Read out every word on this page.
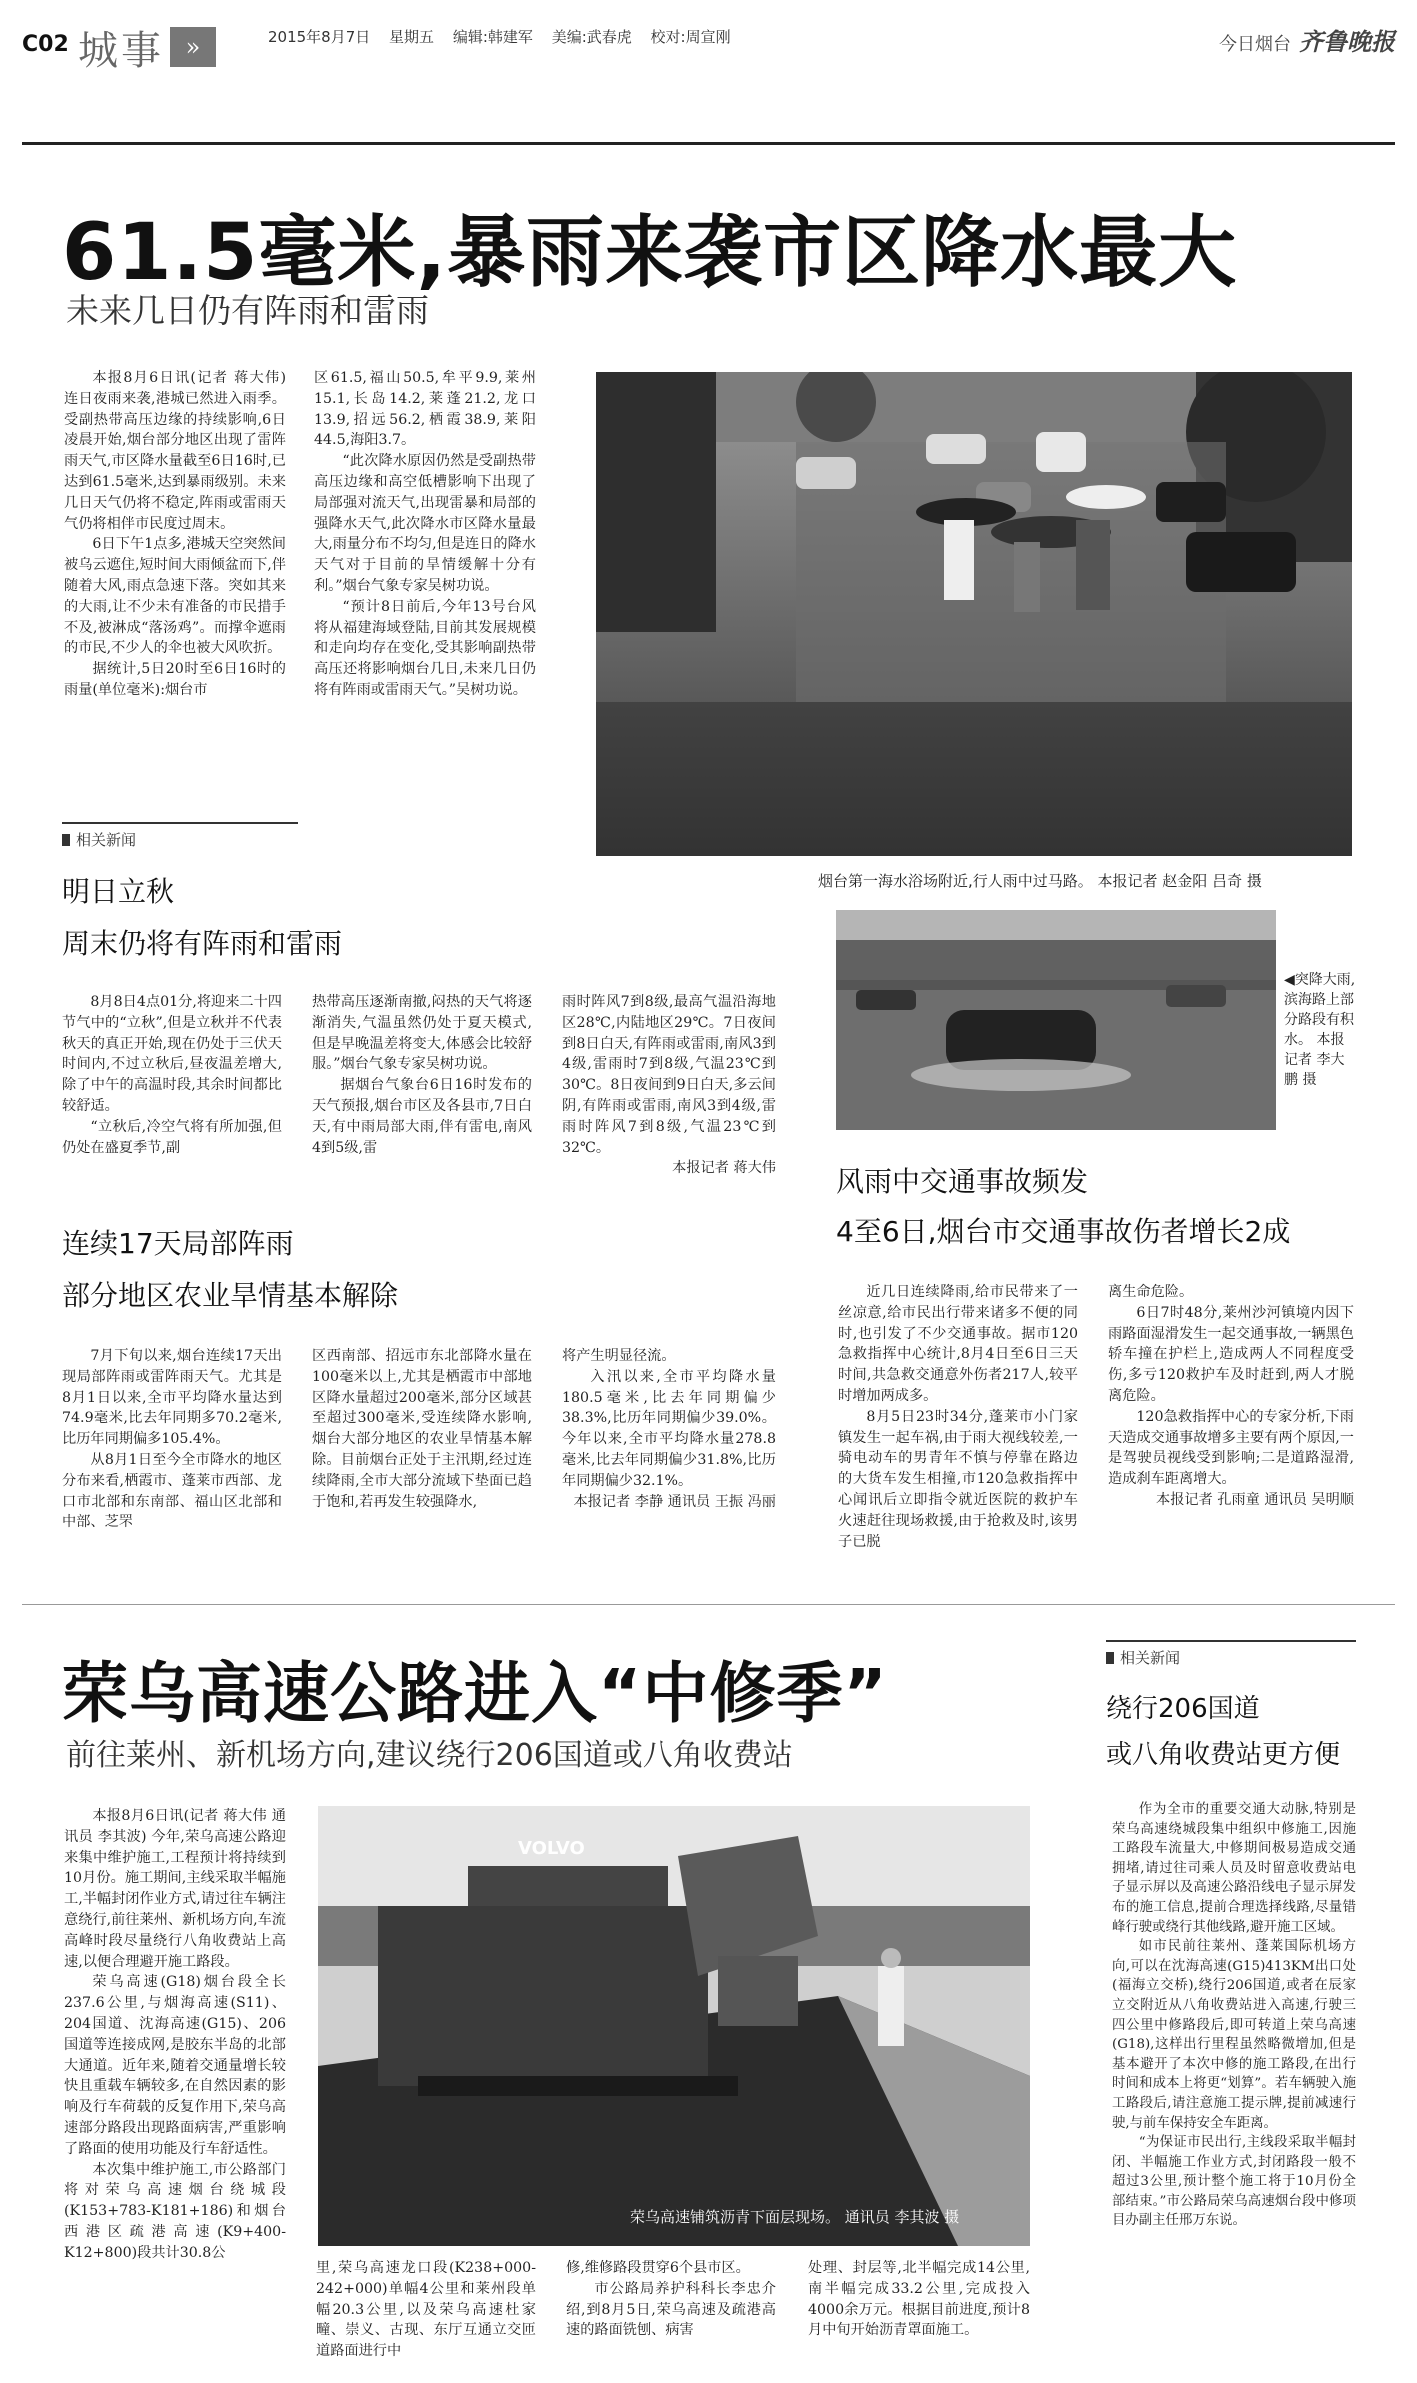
C02 城事 »	2015年8月7日 星期五 编辑:韩建军 美编:武春虎 校对:周宣刚	今日烟台 齐鲁晚报
61.5毫米,暴雨来袭市区降水最大
未来几日仍有阵雨和雷雨

本报8月6日讯(记者 蒋大伟) 连日夜雨来袭,港城已然进入雨季。受副热带高压边缘的持续影响,6日凌晨开始,烟台部分地区出现了雷阵雨天气,市区降水量截至6日16时,已达到61.5毫米,达到暴雨级别。未来几日天气仍将不稳定,阵雨或雷雨天气仍将相伴市民度过周末。

6日下午1点多,港城天空突然间被乌云遮住,短时间大雨倾盆而下,伴随着大风,雨点急速下落。突如其来的大雨,让不少未有准备的市民措手不及,被淋成“落汤鸡”。而撑伞遮雨的市民,不少人的伞也被大风吹折。

据统计,5日20时至6日16时的雨量(单位毫米):烟台市

区61.5,福山50.5,牟平9.9,莱州15.1,长岛14.2,莱蓬21.2,龙口13.9,招远56.2,栖霞38.9,莱阳44.5,海阳3.7。

“此次降水原因仍然是受副热带高压边缘和高空低槽影响下出现了局部强对流天气,出现雷暴和局部的强降水天气,此次降水市区降水量最大,雨量分布不均匀,但是连日的降水天气对于目前的旱情缓解十分有利。”烟台气象专家吴树功说。

“预计8日前后,今年13号台风将从福建海域登陆,目前其发展规模和走向均存在变化,受其影响副热带高压还将影响烟台几日,未来几日仍将有阵雨或雷雨天气。”吴树功说。

烟台第一海水浴场附近,行人雨中过马路。 本报记者 赵金阳 吕奇 摄
相关新闻
明日立秋
周末仍将有阵雨和雷雨

8月8日4点01分,将迎来二十四节气中的“立秋”,但是立秋并不代表秋天的真正开始,现在仍处于三伏天时间内,不过立秋后,昼夜温差增大,除了中午的高温时段,其余时间都比较舒适。

“立秋后,冷空气将有所加强,但仍处在盛夏季节,副

热带高压逐渐南撤,闷热的天气将逐渐消失,气温虽然仍处于夏天模式,但是早晚温差将变大,体感会比较舒服。”烟台气象专家吴树功说。

据烟台气象台6日16时发布的天气预报,烟台市区及各县市,7日白天,有中雨局部大雨,伴有雷电,南风4到5级,雷

雨时阵风7到8级,最高气温沿海地区28℃,内陆地区29℃。7日夜间到8日白天,有阵雨或雷雨,南风3到4级,雷雨时7到8级,气温23℃到30℃。8日夜间到9日白天,多云间阴,有阵雨或雷雨,南风3到4级,雷雨时阵风7到8级,气温23℃到32℃。

本报记者 蒋大伟

◀突降大雨,滨海路上部分路段有积水。 本报记者 李大鹏 摄
风雨中交通事故频发
4至6日,烟台市交通事故伤者增长2成

近几日连续降雨,给市民带来了一丝凉意,给市民出行带来诸多不便的同时,也引发了不少交通事故。据市120急救指挥中心统计,8月4日至6日三天时间,共急救交通意外伤者217人,较平时增加两成多。

8月5日23时34分,蓬莱市小门家镇发生一起车祸,由于雨大视线较差,一骑电动车的男青年不慎与停靠在路边的大货车发生相撞,市120急救指挥中心闻讯后立即指令就近医院的救护车火速赶往现场救援,由于抢救及时,该男子已脱

离生命危险。

6日7时48分,莱州沙河镇境内因下雨路面湿滑发生一起交通事故,一辆黑色轿车撞在护栏上,造成两人不同程度受伤,多亏120救护车及时赶到,两人才脱离危险。

120急救指挥中心的专家分析,下雨天造成交通事故增多主要有两个原因,一是驾驶员视线受到影响;二是道路湿滑,造成刹车距离增大。

本报记者 孔雨童 通讯员 吴明顺

连续17天局部阵雨
部分地区农业旱情基本解除

7月下旬以来,烟台连续17天出现局部阵雨或雷阵雨天气。尤其是8月1日以来,全市平均降水量达到74.9毫米,比去年同期多70.2毫米,比历年同期偏多105.4%。

从8月1日至今全市降水的地区分布来看,栖霞市、蓬莱市西部、龙口市北部和东南部、福山区北部和中部、芝罘

区西南部、招远市东北部降水量在100毫米以上,尤其是栖霞市中部地区降水量超过200毫米,部分区域甚至超过300毫米,受连续降水影响,烟台大部分地区的农业旱情基本解除。目前烟台正处于主汛期,经过连续降雨,全市大部分流域下垫面已趋于饱和,若再发生较强降水,

将产生明显径流。

入汛以来,全市平均降水量180.5毫米,比去年同期偏少38.3%,比历年同期偏少39.0%。今年以来,全市平均降水量278.8毫米,比去年同期偏少31.8%,比历年同期偏少32.1%。

本报记者 李静 通讯员 王振 冯丽

荣乌高速公路进入“中修季”
前往莱州、新机场方向,建议绕行206国道或八角收费站

本报8月6日讯(记者 蒋大伟 通讯员 李其波) 今年,荣乌高速公路迎来集中维护施工,工程预计将持续到10月份。施工期间,主线采取半幅施工,半幅封闭作业方式,请过往车辆注意绕行,前往莱州、新机场方向,车流高峰时段尽量绕行八角收费站上高速,以便合理避开施工路段。

荣乌高速(G18)烟台段全长237.6公里,与烟海高速(S11)、204国道、沈海高速(G15)、206国道等连接成网,是胶东半岛的北部大通道。近年来,随着交通量增长较快且重载车辆较多,在自然因素的影响及行车荷载的反复作用下,荣乌高速部分路段出现路面病害,严重影响了路面的使用功能及行车舒适性。

本次集中维护施工,市公路部门将对荣乌高速烟台绕城段(K153+783-K181+186)和烟台西港区疏港高速(K9+400-K12+800)段共计30.8公

VOLVO
荣乌高速铺筑沥青下面层现场。 通讯员 李其波 摄

里,荣乌高速龙口段(K238+000-242+000)单幅4公里和莱州段单幅20.3公里,以及荣乌高速杜家疃、崇义、古现、东厅互通立交匝道路面进行中

修,维修路段贯穿6个县市区。

市公路局养护科科长李忠介绍,到8月5日,荣乌高速及疏港高速的路面铣刨、病害

处理、封层等,北半幅完成14公里,南半幅完成33.2公里,完成投入4000余万元。根据目前进度,预计8月中旬开始沥青罩面施工。

相关新闻
绕行206国道
或八角收费站更方便

作为全市的重要交通大动脉,特别是荣乌高速绕城段集中组织中修施工,因施工路段车流量大,中修期间极易造成交通拥堵,请过往司乘人员及时留意收费站电子显示屏以及高速公路沿线电子显示屏发布的施工信息,提前合理选择线路,尽量错峰行驶或绕行其他线路,避开施工区域。

如市民前往莱州、蓬莱国际机场方向,可以在沈海高速(G15)413KM出口处(福海立交桥),绕行206国道,或者在辰家立交附近从八角收费站进入高速,行驶三四公里中修路段后,即可转道上荣乌高速(G18),这样出行里程虽然略微增加,但是基本避开了本次中修的施工路段,在出行时间和成本上将更“划算”。若车辆驶入施工路段后,请注意施工提示牌,提前减速行驶,与前车保持安全车距离。

“为保证市民出行,主线段采取半幅封闭、半幅施工作业方式,封闭路段一般不超过3公里,预计整个施工将于10月份全部结束。”市公路局荣乌高速烟台段中修项目办副主任邢万东说。
